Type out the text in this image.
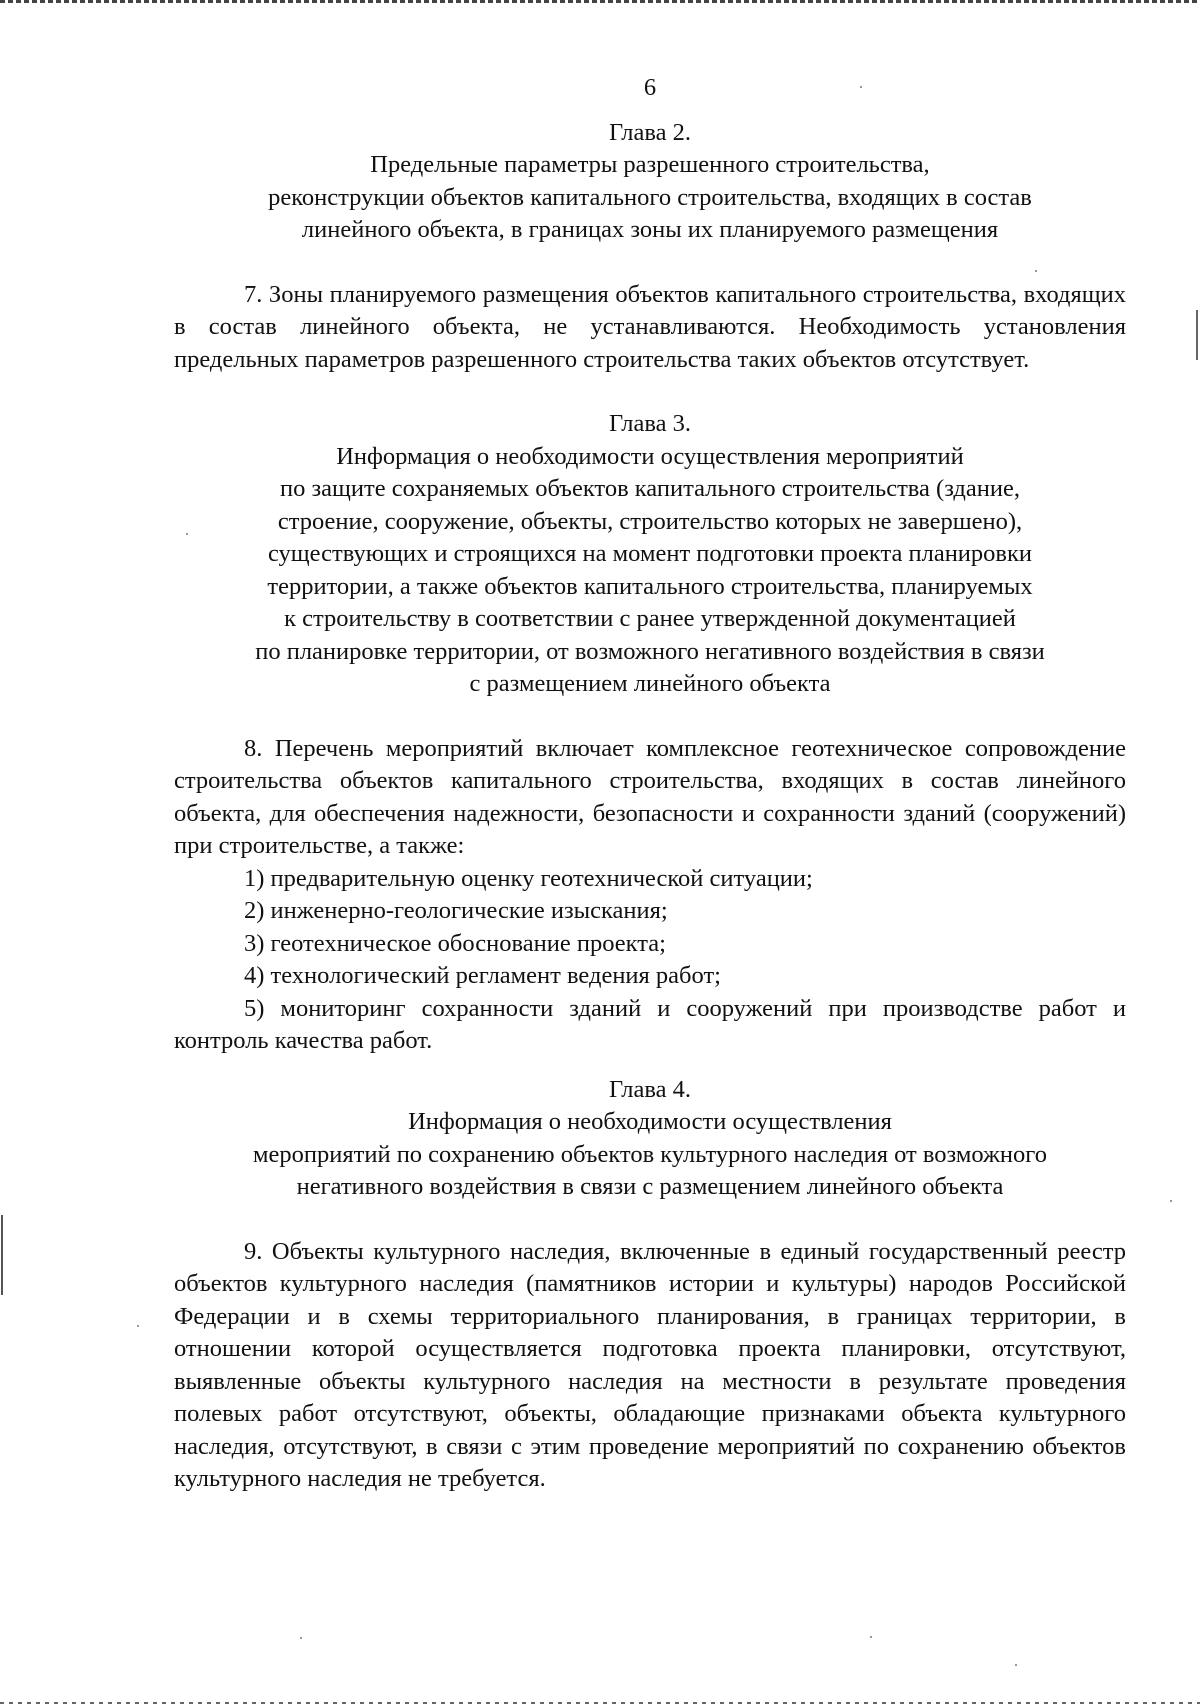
6
Глава 2.
Предельные параметры разрешенного строительства,
реконструкции объектов капитального строительства, входящих в состав
линейного объекта, в границах зоны их планируемого размещения

7. Зоны планируемого размещения объектов капитального строительства, входящих в состав линейного объекта, не устанавливаются. Необходимость установления предельных параметров разрешенного строительства таких объектов отсутствует.

Глава 3.
Информация о необходимости осуществления мероприятий
по защите сохраняемых объектов капитального строительства (здание,
строение, сооружение, объекты, строительство которых не завершено),
существующих и строящихся на момент подготовки проекта планировки
территории, а также объектов капитального строительства, планируемых
к строительству в соответствии с ранее утвержденной документацией
по планировке территории, от возможного негативного воздействия в связи
с размещением линейного объекта

8. Перечень мероприятий включает комплексное геотехническое сопровождение строительства объектов капитального строительства, входящих в состав линейного объекта, для обеспечения надежности, безопасности и сохранности зданий (сооружений) при строительстве, а также:

1) предварительную оценку геотехнической ситуации;

2) инженерно-геологические изыскания;

3) геотехническое обоснование проекта;

4) технологический регламент ведения работ;

5) мониторинг сохранности зданий и сооружений при производстве работ и контроль качества работ.

Глава 4.
Информация о необходимости осуществления
мероприятий по сохранению объектов культурного наследия от возможного
негативного воздействия в связи с размещением линейного объекта

9. Объекты культурного наследия, включенные в единый государственный реестр объектов культурного наследия (памятников истории и культуры) народов Российской Федерации и в схемы территориального планирования, в границах территории, в отношении которой осуществляется подготовка проекта планировки, отсутствуют, выявленные объекты культурного наследия на местности в результате проведения полевых работ отсутствуют, объекты, обладающие признаками объекта культурного наследия, отсутствуют, в связи с этим проведение мероприятий по сохранению объектов культурного наследия не требуется.
